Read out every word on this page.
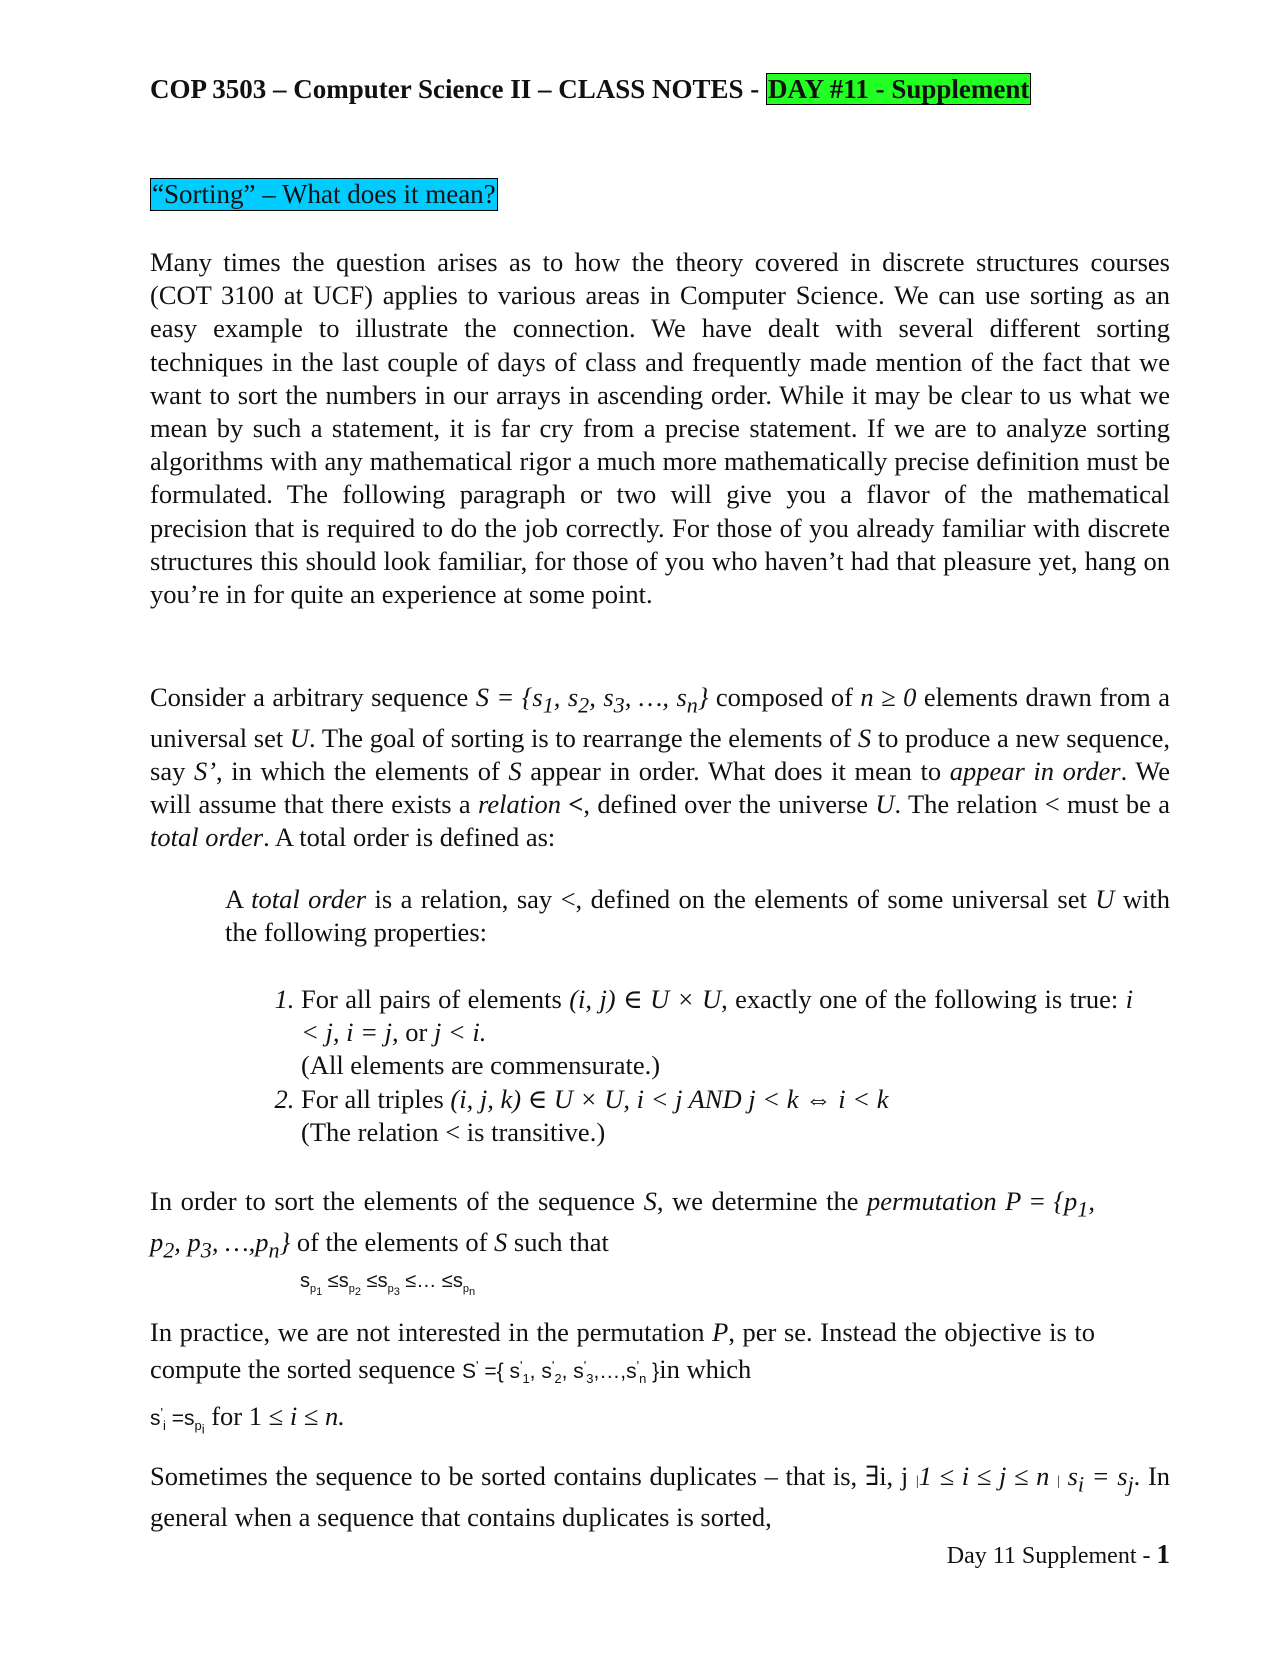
COP 3503 – Computer Science II – CLASS NOTES - DAY #11 - Supplement
“Sorting” – What does it mean?

Many times the question arises as to how the theory covered in discrete structures courses (COT 3100 at UCF) applies to various areas in Computer Science. We can use sorting as an easy example to illustrate the connection. We have dealt with several different sorting techniques in the last couple of days of class and frequently made mention of the fact that we want to sort the numbers in our arrays in ascending order. While it may be clear to us what we mean by such a statement, it is far cry from a precise statement. If we are to analyze sorting algorithms with any mathematical rigor a much more mathematically precise definition must be formulated. The following paragraph or two will give you a flavor of the mathematical precision that is required to do the job correctly. For those of you already familiar with discrete structures this should look familiar, for those of you who haven’t had that pleasure yet, hang on you’re in for quite an experience at some point.

Consider a arbitrary sequence $S = \{s_1$, $s_2$, $s_3$, …, $s_n$} composed of n ≥ 0 elements drawn from a universal set U. The goal of sorting is to rearrange the elements of S to produce a new sequence, say S’, in which the elements of S appear in order. What does it mean to appear in order. We will assume that there exists a relation <, defined over the universe U. The relation < must be a total order. A total order is defined as:

A total order is a relation, say <, defined on the elements of some universal set U with the following properties:

1. For all pairs of elements (i, j) ∈ U × U, exactly one of the following is true: i < j, i = j, or j < i.
(All elements are commensurate.)
2. For all triples (i, j, k) ∈ U × U, i < j AND j < k ⇔ i < k
(The relation < is transitive.)

In order to sort the elements of the sequence S, we determine the permutation $P = \{p_1$, $p_2$, $p_3$, $\dots,p_n$} of the elements of S such that

$s_{p_1} \le s_{p_2} \le s_{p_3}$ ≤… $\le s_{p_n}$

In practice, we are not interested in the permutation P, per se. Instead the objective is to compute the sorted sequence S' ={ $s'_1$, $s'_2$, $s'_3,\dots,s'_n$ }in which
$s'_i =s_{p_i}$ for 1 ≤ i ≤ n.

Sometimes the sequence to be sorted contains duplicates – that is, ∃i, j |1 ≤ i ≤ j ≤ n | $s_i = s_j$. In general when a sequence that contains duplicates is sorted,

Day 11 Supplement - 1
